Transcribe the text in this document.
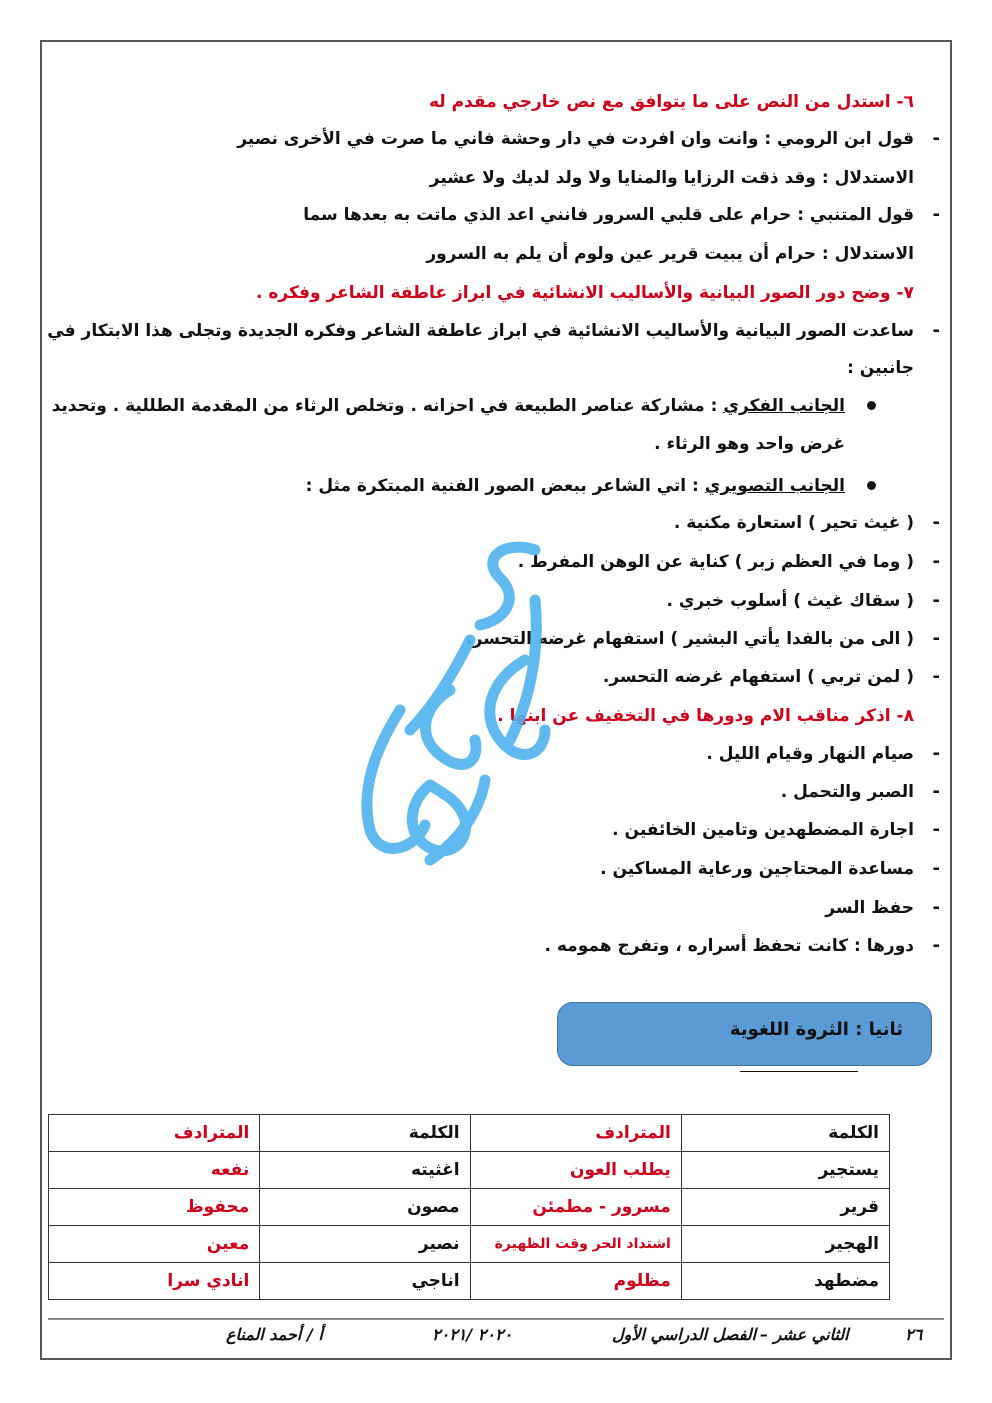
٦- استدل من النص على ما يتوافق مع نص خارجي مقدم له
-
قول ابن الرومي : وانت وان افردت في دار وحشة فاني ما صرت في الأخرى نصير
الاستدلال : وقد ذقت الرزايا والمنايا ولا ولد لديك ولا عشير
-
قول المتنبي : حرام على قلبي السرور فانني اعد الذي ماتت به بعدها سما
الاستدلال : حرام أن يبيت قرير عين ولوم أن يلم به السرور
٧- وضح دور الصور البيانية والأساليب الانشائية في ابراز عاطفة الشاعر وفكره .
-
ساعدت الصور البيانية والأساليب الانشائية في ابراز عاطفة الشاعر وفكره الجديدة وتجلى هذا الابتكار في
جانبين :
الجانب الفكري : مشاركة عناصر الطبيعة في احزانه . وتخلص الرثاء من المقدمة الطللية . وتحديد
غرض واحد وهو الرثاء .
الجانب التصويري : اتي الشاعر ببعض الصور الفنية المبتكرة مثل :
-
( غيث تحير ) استعارة مكنية .
-
( وما في العظم زبر ) كناية عن الوهن المفرط .
-
( سقاك غيث ) أسلوب خبري .
-
( الى من بالفدا يأتي البشير ) استفهام غرضه التحسر.
-
( لمن تربي ) استفهام غرضه التحسر.
٨- اذكر مناقب الام ودورها في التخفيف عن ابنها .
-
صيام النهار وقيام الليل .
-
الصبر والتحمل .
-
اجارة المضطهدين وتامين الخائفين .
-
مساعدة المحتاجين ورعاية المساكين .
-
حفظ السر
-
دورها : كانت تحفظ أسراره ، وتفرج همومه .
ثانيا : الثروة اللغوية
الكلمة	المترادف	الكلمة	المترادف
يستجير	يطلب العون	اغثيته	نفعه
قرير	مسرور - مطمئن	مصون	محفوظ
الهجير	اشتداد الحر وقت الظهيرة	نصير	معين
مضطهد	مظلوم	اناجي	انادي سرا
٢٦
الثاني عشر –
الفصل الدراسي الأول
٢٠٢٠ /٢٠٢١
أ / أحمد المناع
